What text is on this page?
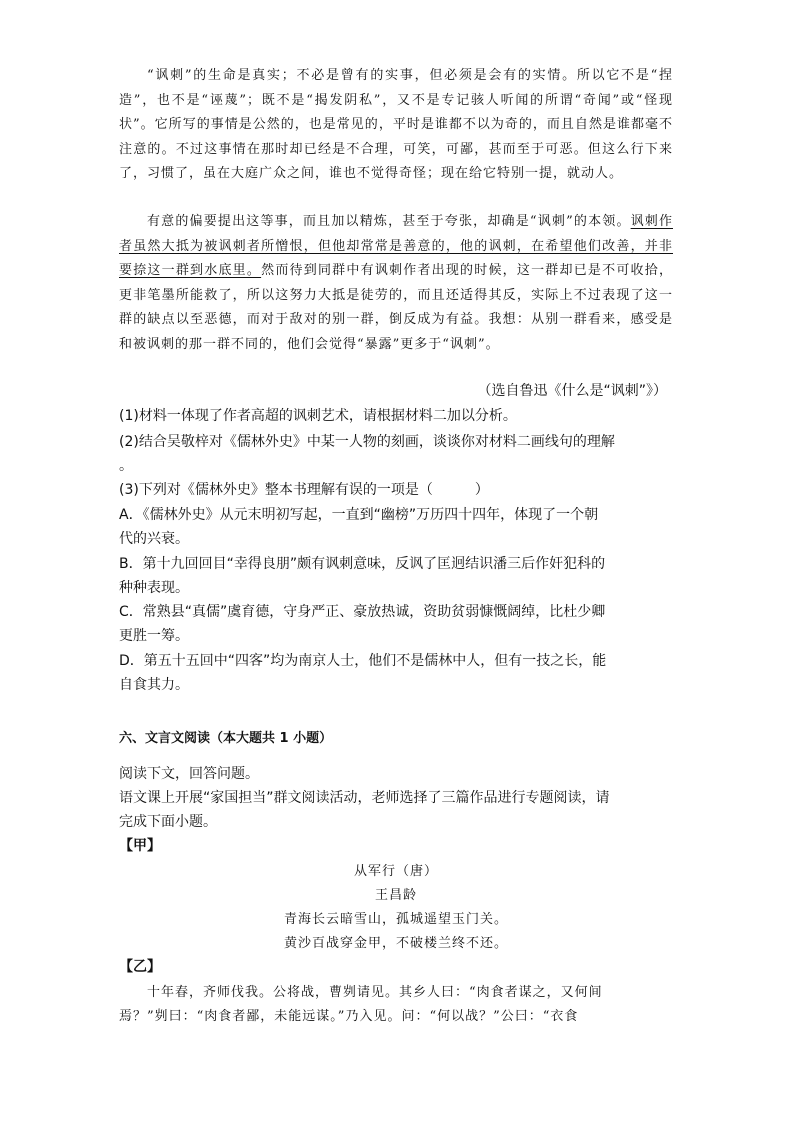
“讽刺”的生命是真实；不必是曾有的实事，但必须是会有的实情。所以它不是“捏造”，也不是“诬蔑”；既不是“揭发阴私”，又不是专记骇人听闻的所谓“奇闻”或“怪现状”。它所写的事情是公然的，也是常见的，平时是谁都不以为奇的，而且自然是谁都毫不注意的。不过这事情在那时却已经是不合理，可笑，可鄙，甚而至于可恶。但这么行下来了，习惯了，虽在大庭广众之间，谁也不觉得奇怪；现在给它特别一提，就动人。

有意的偏要提出这等事，而且加以精炼，甚至于夸张，却确是“讽刺”的本领。讽刺作者虽然大抵为被讽刺者所憎恨，但他却常常是善意的，他的讽刺，在希望他们改善，并非要捺这一群到水底里。然而待到同群中有讽刺作者出现的时候，这一群却已是不可收拾，更非笔墨所能救了，所以这努力大抵是徒劳的，而且还适得其反，实际上不过表现了这一群的缺点以至恶德，而对于敌对的别一群，倒反成为有益。我想：从别一群看来，感受是和被讽刺的那一群不同的，他们会觉得“暴露”更多于“讽刺”。

（选自鲁迅《什么是“讽刺”》）

(1)材料一体现了作者高超的讽刺艺术，请根据材料二加以分析。

(2)结合吴敬梓对《儒林外史》中某一人物的刻画，谈谈你对材料二画线句的理解

。

(3)下列对《儒林外史》整本书理解有误的一项是（　　　）

A．《儒林外史》从元末明初写起，一直到“幽榜”万历四十四年，体现了一个朝

代的兴衰。

B．第十九回回目“幸得良朋”颇有讽刺意味，反讽了匡迥结识潘三后作奸犯科的

种种表现。

C．常熟县“真儒”虞育德，守身严正、豪放热诚，资助贫弱慷慨阔绰，比杜少卿

更胜一筹。

D．第五十五回中“四客”均为南京人士，他们不是儒林中人，但有一技之长，能

自食其力。

六、文言文阅读（本大题共 1 小题）

阅读下文，回答问题。

语文课上开展“家国担当”群文阅读活动，老师选择了三篇作品进行专题阅读，请

完成下面小题。

【甲】

从军行（唐）

王昌龄

青海长云暗雪山，孤城遥望玉门关。

黄沙百战穿金甲，不破楼兰终不还。

【乙】

十年春，齐师伐我。公将战，曹刿请见。其乡人曰：“肉食者谋之，又何间

焉？”刿曰：“肉食者鄙，未能远谋。”乃入见。问：“何以战？”公曰：“衣食
